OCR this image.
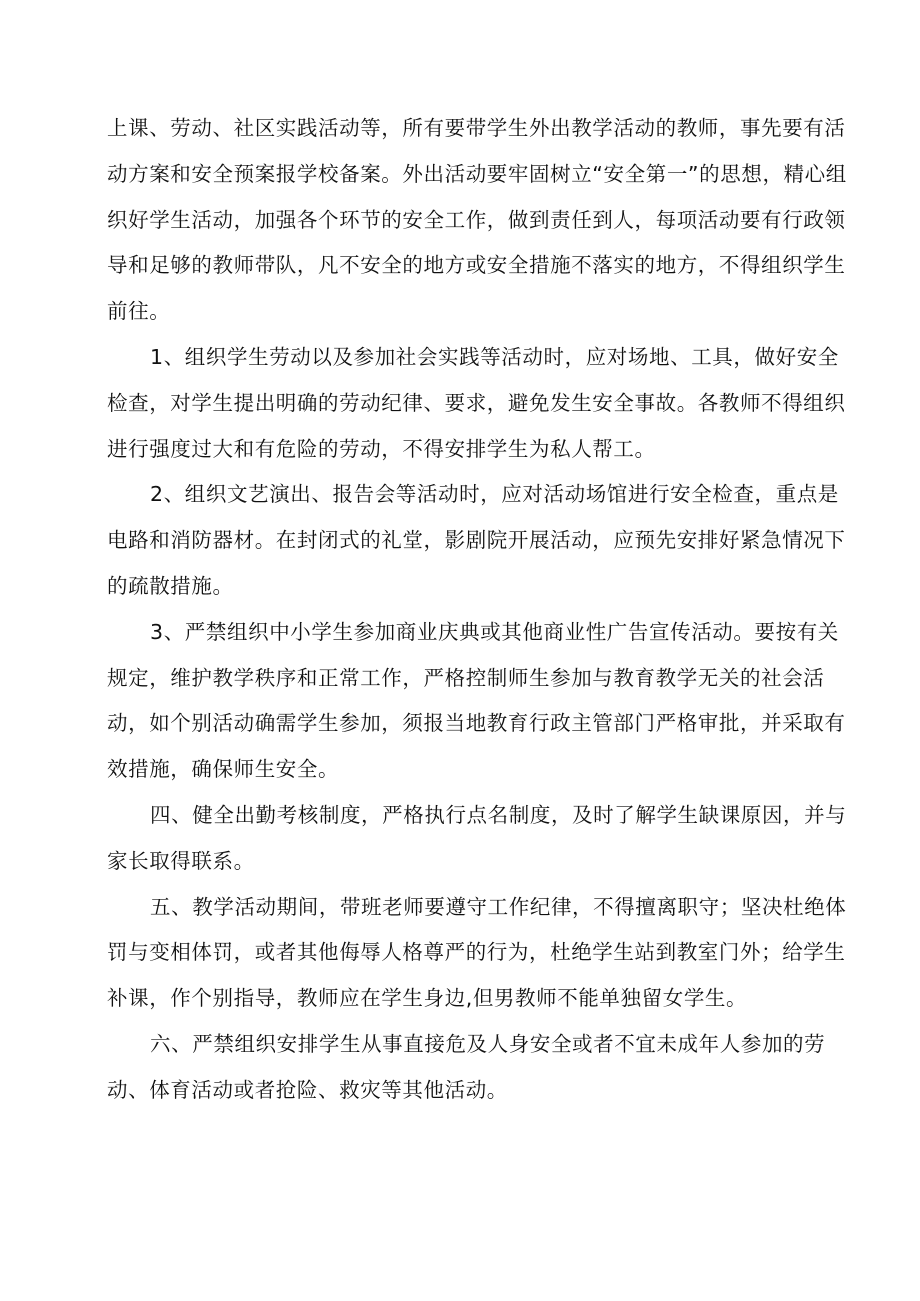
上课、劳动、社区实践活动等，所有要带学生外出教学活动的教师，事先要有活动方案和安全预案报学校备案。外出活动要牢固树立“安全第一”的思想，精心组织好学生活动，加强各个环节的安全工作，做到责任到人，每项活动要有行政领导和足够的教师带队，凡不安全的地方或安全措施不落实的地方，不得组织学生前往。

1、组织学生劳动以及参加社会实践等活动时，应对场地、工具，做好安全检查，对学生提出明确的劳动纪律、要求，避免发生安全事故。各教师不得组织进行强度过大和有危险的劳动，不得安排学生为私人帮工。

2、组织文艺演出、报告会等活动时，应对活动场馆进行安全检查，重点是电路和消防器材。在封闭式的礼堂，影剧院开展活动，应预先安排好紧急情况下的疏散措施。

3、严禁组织中小学生参加商业庆典或其他商业性广告宣传活动。要按有关规定，维护教学秩序和正常工作，严格控制师生参加与教育教学无关的社会活动，如个别活动确需学生参加，须报当地教育行政主管部门严格审批，并采取有效措施，确保师生安全。

四、健全出勤考核制度，严格执行点名制度，及时了解学生缺课原因，并与家长取得联系。

五、教学活动期间，带班老师要遵守工作纪律，不得擅离职守；坚决杜绝体罚与变相体罚，或者其他侮辱人格尊严的行为，杜绝学生站到教室门外；给学生补课，作个别指导，教师应在学生身边,但男教师不能单独留女学生。

六、严禁组织安排学生从事直接危及人身安全或者不宜未成年人参加的劳动、体育活动或者抢险、救灾等其他活动。
